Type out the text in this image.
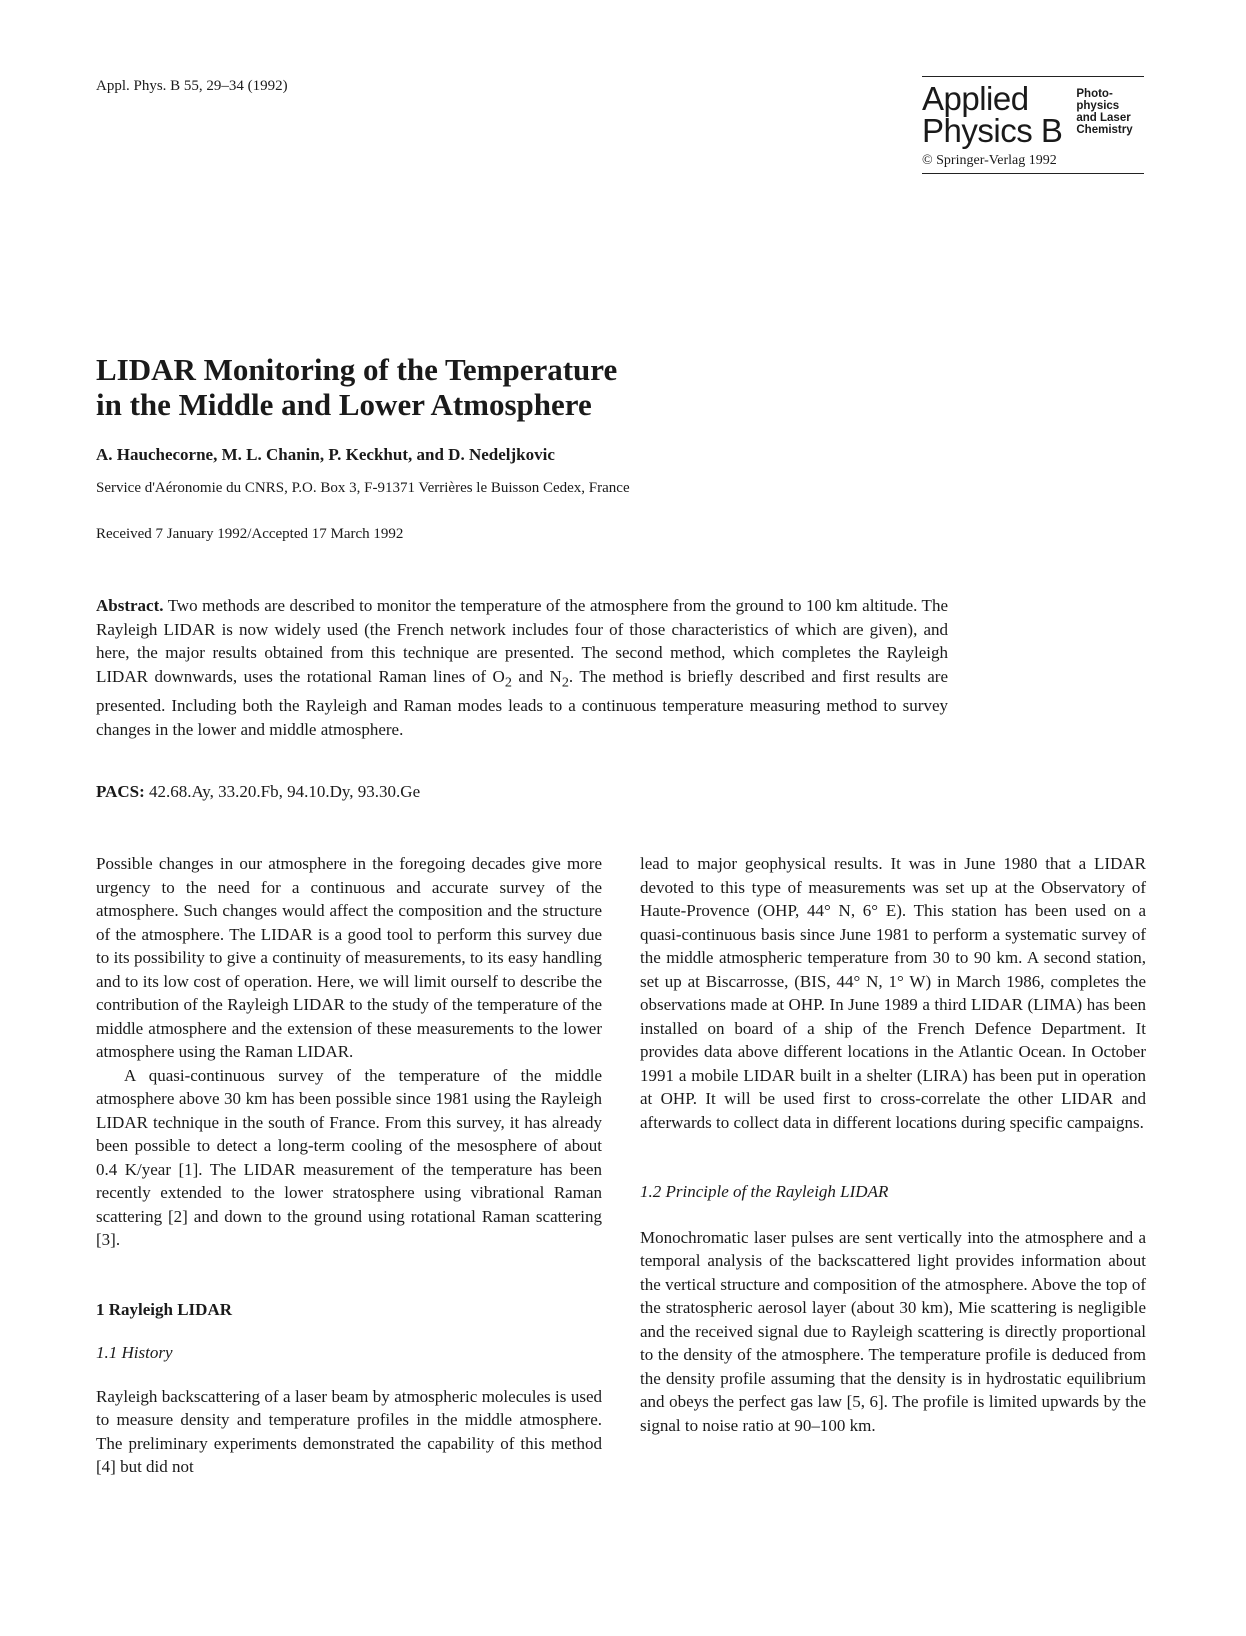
Appl. Phys. B 55, 29–34 (1992)	Applied
Physics B
Photo-
physics
and Laser
Chemistry
© Springer-Verlag 1992
LIDAR Monitoring of the Temperature
in the Middle and Lower Atmosphere
A. Hauchecorne, M. L. Chanin, P. Keckhut, and D. Nedeljkovic
Service d'Aéronomie du CNRS, P.O. Box 3, F-91371 Verrières le Buisson Cedex, France
Received 7 January 1992/Accepted 17 March 1992
Abstract. Two methods are described to monitor the temperature of the atmosphere from the ground to 100 km altitude. The Rayleigh LIDAR is now widely used (the French network includes four of those characteristics of which are given), and here, the major results obtained from this technique are presented. The second method, which completes the Rayleigh LIDAR downwards, uses the rotational Raman lines of $O_2$ and $N_2$. The method is briefly described and first results are presented. Including both the Rayleigh and Raman modes leads to a continuous temperature measuring method to survey changes in the lower and middle atmosphere.
PACS: 42.68.Ay, 33.20.Fb, 94.10.Dy, 93.30.Ge

Possible changes in our atmosphere in the foregoing decades give more urgency to the need for a continuous and accurate survey of the atmosphere. Such changes would affect the composition and the structure of the atmosphere. The LIDAR is a good tool to perform this survey due to its possibility to give a continuity of measurements, to its easy handling and to its low cost of operation. Here, we will limit ourself to describe the contribution of the Rayleigh LIDAR to the study of the temperature of the middle atmosphere and the extension of these measurements to the lower atmosphere using the Raman LIDAR.

A quasi-continuous survey of the temperature of the middle atmosphere above 30 km has been possible since 1981 using the Rayleigh LIDAR technique in the south of France. From this survey, it has already been possible to detect a long-term cooling of the mesosphere of about 0.4 K/year [1]. The LIDAR measurement of the temperature has been recently extended to the lower stratosphere using vibrational Raman scattering [2] and down to the ground using rotational Raman scattering [3].

1 Rayleigh LIDAR

1.1 History

Rayleigh backscattering of a laser beam by atmospheric molecules is used to measure density and temperature profiles in the middle atmosphere. The preliminary experiments demonstrated the capability of this method [4] but did not

lead to major geophysical results. It was in June 1980 that a LIDAR devoted to this type of measurements was set up at the Observatory of Haute-Provence (OHP, 44° N, 6° E). This station has been used on a quasi-continuous basis since June 1981 to perform a systematic survey of the middle atmospheric temperature from 30 to 90 km. A second station, set up at Biscarrosse, (BIS, 44° N, 1° W) in March 1986, completes the observations made at OHP. In June 1989 a third LIDAR (LIMA) has been installed on board of a ship of the French Defence Department. It provides data above different locations in the Atlantic Ocean. In October 1991 a mobile LIDAR built in a shelter (LIRA) has been put in operation at OHP. It will be used first to cross-correlate the other LIDAR and afterwards to collect data in different locations during specific campaigns.

1.2 Principle of the Rayleigh LIDAR

Monochromatic laser pulses are sent vertically into the atmosphere and a temporal analysis of the backscattered light provides information about the vertical structure and composition of the atmosphere. Above the top of the stratospheric aerosol layer (about 30 km), Mie scattering is negligible and the received signal due to Rayleigh scattering is directly proportional to the density of the atmosphere. The temperature profile is deduced from the density profile assuming that the density is in hydrostatic equilibrium and obeys the perfect gas law [5, 6]. The profile is limited upwards by the signal to noise ratio at 90–100 km.
